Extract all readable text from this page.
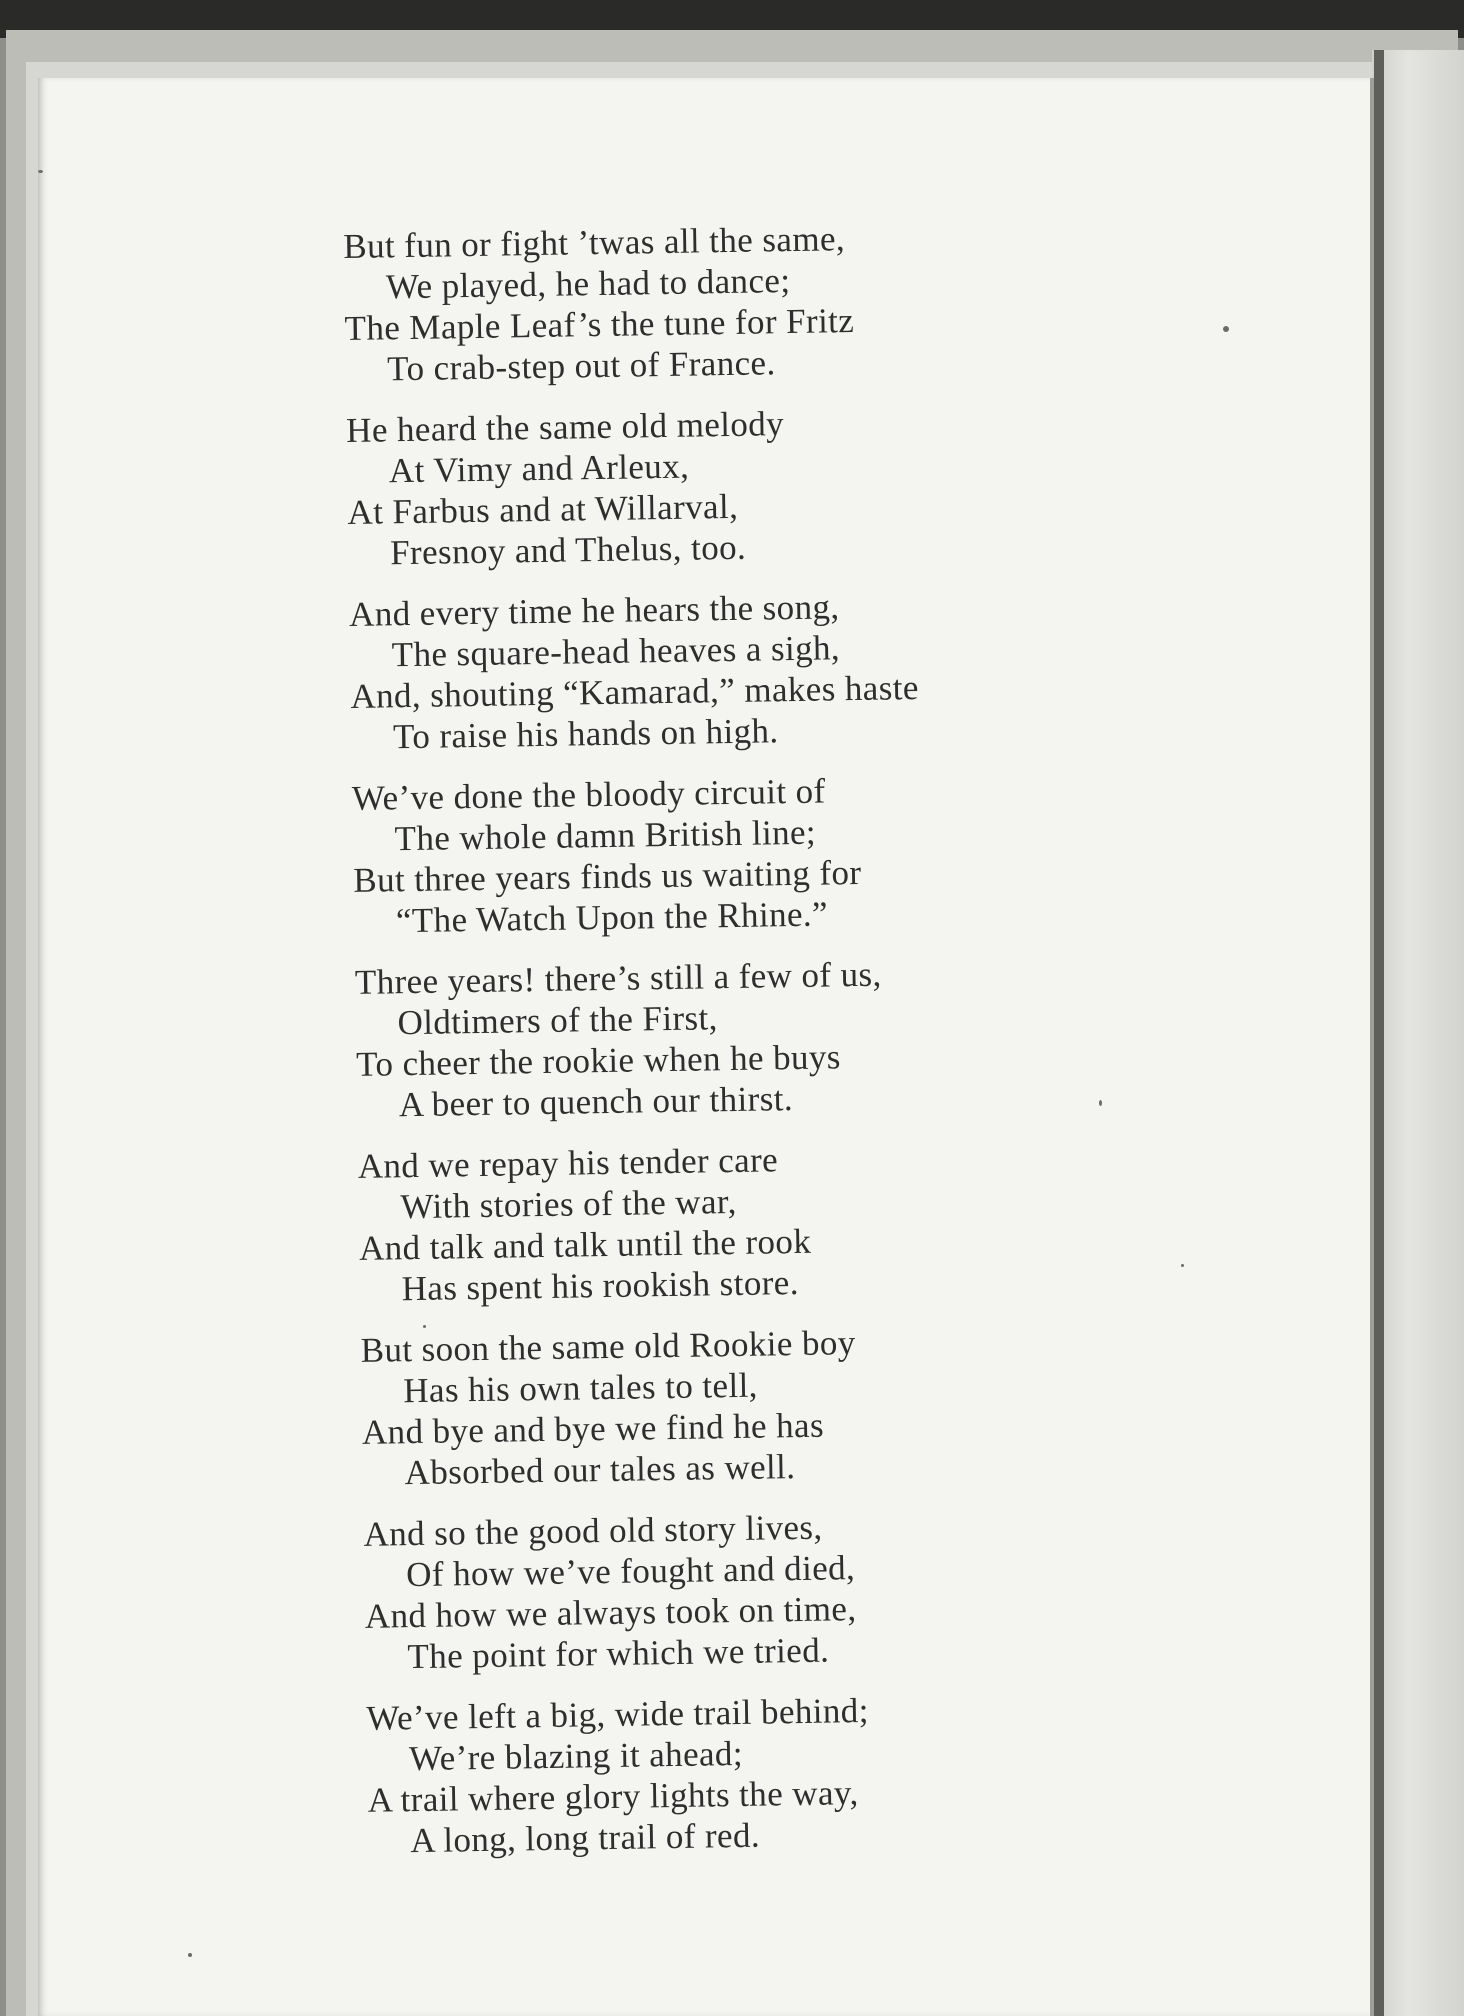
But fun or fight ’twas all the same,
We played, he had to dance;
The Maple Leaf’s the tune for Fritz
To crab-step out of France.
He heard the same old melody
At Vimy and Arleux,
At Farbus and at Willarval,
Fresnoy and Thelus, too.
And every time he hears the song,
The square-head heaves a sigh,
And, shouting “Kamarad,” makes haste
To raise his hands on high.
We’ve done the bloody circuit of
The whole damn British line;
But three years finds us waiting for
“The Watch Upon the Rhine.”
Three years! there’s still a few of us,
Oldtimers of the First,
To cheer the rookie when he buys
A beer to quench our thirst.
And we repay his tender care
With stories of the war,
And talk and talk until the rook
Has spent his rookish store.
But soon the same old Rookie boy
Has his own tales to tell,
And bye and bye we find he has
Absorbed our tales as well.
And so the good old story lives,
Of how we’ve fought and died,
And how we always took on time,
The point for which we tried.
We’ve left a big, wide trail behind;
We’re blazing it ahead;
A trail where glory lights the way,
A long, long trail of red.
